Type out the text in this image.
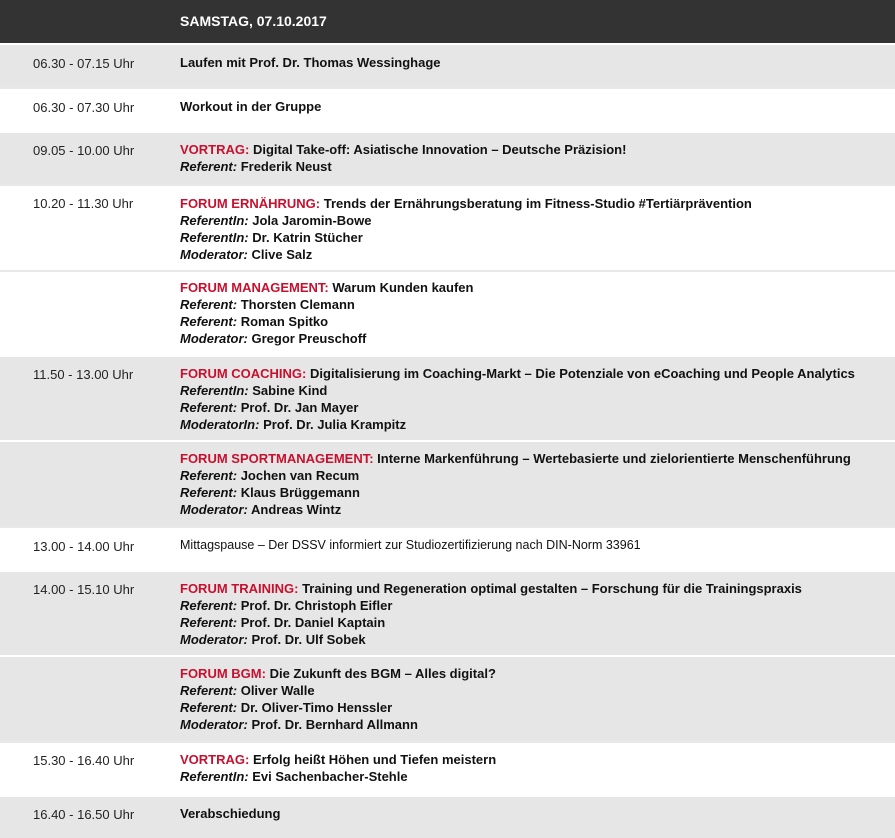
SAMSTAG, 07.10.2017
06.30 - 07.15 Uhr	Laufen mit Prof. Dr. Thomas Wessinghage
06.30 - 07.30 Uhr	Workout in der Gruppe
09.05 - 10.00 Uhr	VORTRAG: Digital Take-off: Asiatische Innovation – Deutsche Präzision!
Referent: Frederik Neust
10.20 - 11.30 Uhr	FORUM ERNÄHRUNG: Trends der Ernährungsberatung im Fitness-Studio #Tertiärprävention
ReferentIn: Jola Jaromin-Bowe
ReferentIn: Dr. Katrin Stücher
Moderator: Clive Salz
FORUM MANAGEMENT: Warum Kunden kaufen
Referent: Thorsten Clemann
Referent: Roman Spitko
Moderator: Gregor Preuschoff
11.50 - 13.00 Uhr	FORUM COACHING: Digitalisierung im Coaching-Markt – Die Potenziale von eCoaching und People Analytics
ReferentIn: Sabine Kind
Referent: Prof. Dr. Jan Mayer
ModeratorIn: Prof. Dr. Julia Krampitz
FORUM SPORTMANAGEMENT: Interne Markenführung – Wertebasierte und zielorientierte Menschenführung
Referent: Jochen van Recum
Referent: Klaus Brüggemann
Moderator: Andreas Wintz
13.00 - 14.00 Uhr	Mittagspause – Der DSSV informiert zur Studiozertifizierung nach DIN-Norm 33961
14.00 - 15.10 Uhr	FORUM TRAINING: Training und Regeneration optimal gestalten – Forschung für die Trainingspraxis
Referent: Prof. Dr. Christoph Eifler
Referent: Prof. Dr. Daniel Kaptain
Moderator: Prof. Dr. Ulf Sobek
FORUM BGM: Die Zukunft des BGM – Alles digital?
Referent: Oliver Walle
Referent: Dr. Oliver-Timo Henssler
Moderator: Prof. Dr. Bernhard Allmann
15.30 - 16.40 Uhr	VORTRAG: Erfolg heißt Höhen und Tiefen meistern
ReferentIn: Evi Sachenbacher-Stehle
16.40 - 16.50 Uhr	Verabschiedung
